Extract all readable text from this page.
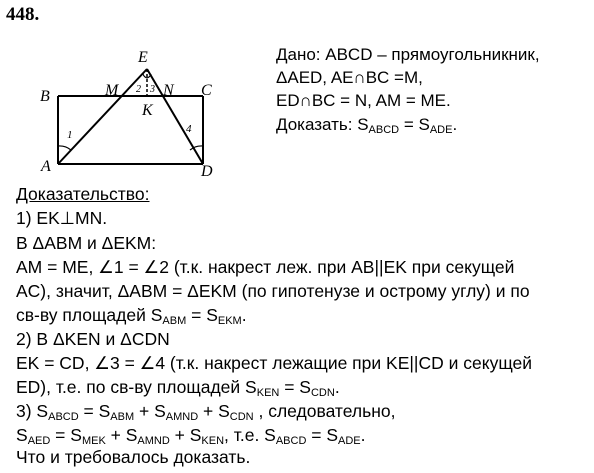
448.
E
B	M	N C
K
A	D
1	4
2 3
Дано: ABCD – прямоугольникник,
ΔAED, AE∩BC =M,
ED∩BC = N, AM = ME.
Доказать: $S_{ABCD} = S_{ADE}$.
Доказательство:
1) EK⊥MN.
В ΔABM и ΔEKM:
AM = ME, ∠1 = ∠2 (т.к. накрест леж. при AB||EK при секущей
AC), значит, ΔABM = ΔEKM (по гипотенузе и острому углу) и по
св-ву площадей $S_{ABM} = S_{EKM}$.
2) В ΔKEN и ΔCDN
EK = CD, ∠3 = ∠4 (т.к. накрест лежащие при KE||CD и секущей
ED), т.е. по св-ву площадей $S_{KEN} = S_{CDN}$.
3) $S_{ABCD} = S_{ABM} + S_{AMND} + S_{CDN}$ , следовательно,
$S_{AED} = S_{MEK} + S_{AMND} + S_{KEN}$, т.е. $S_{ABCD} = S_{ADE}$.
Что и требовалось доказать.
